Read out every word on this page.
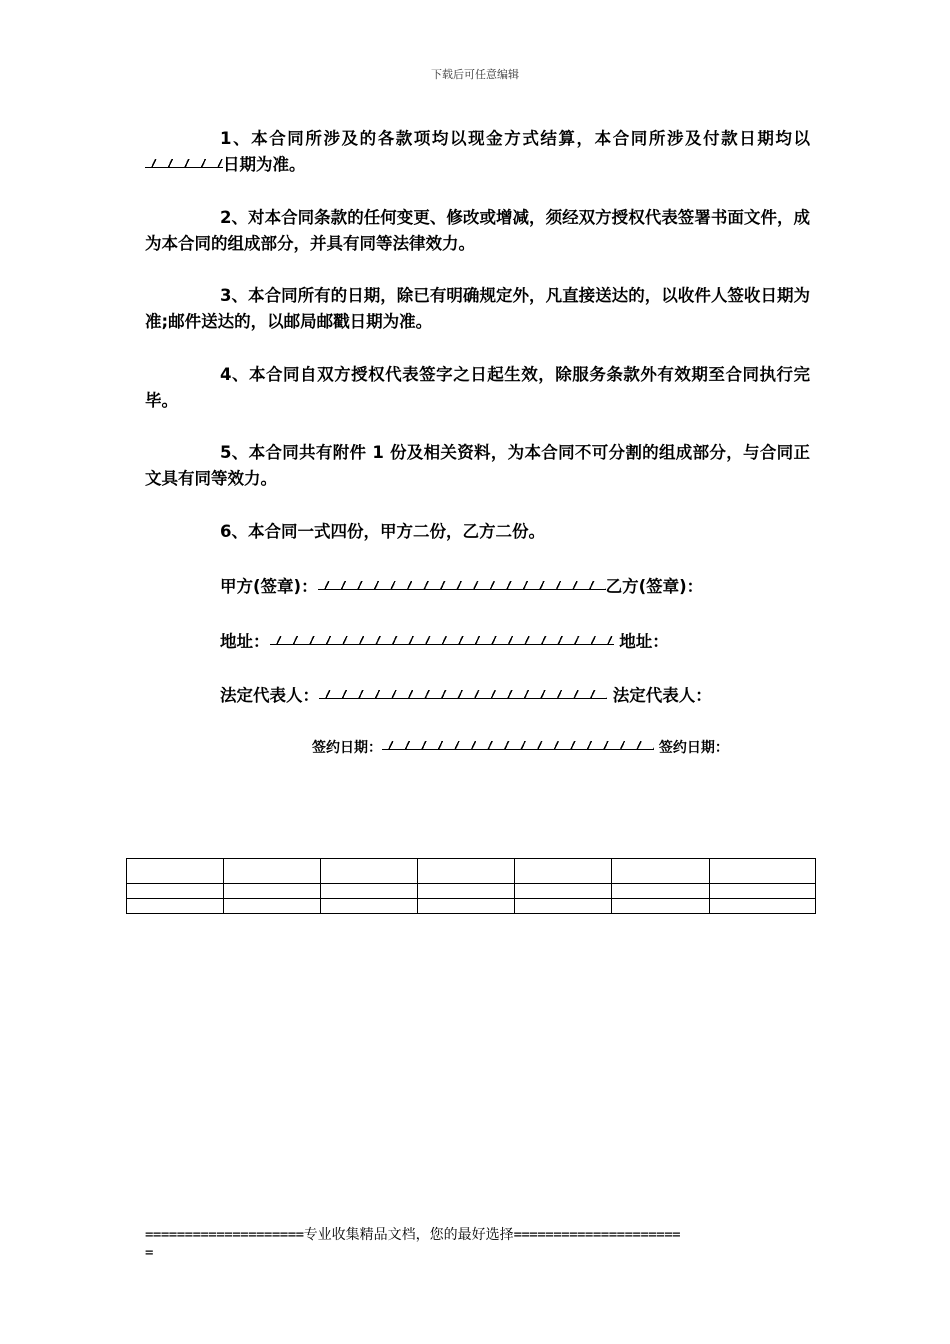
下载后可任意编辑
1、本合同所涉及的各款项均以现金方式结算，本合同所涉及付款日期均以日期为准。
2、对本合同条款的任何变更、修改或增减，须经双方授权代表签署书面文件，成为本合同的组成部分，并具有同等法律效力。
3、本合同所有的日期，除已有明确规定外，凡直接送达的，以收件人签收日期为准;邮件送达的，以邮局邮戳日期为准。
4、本合同自双方授权代表签字之日起生效，除服务条款外有效期至合同执行完毕。
5、本合同共有附件 1 份及相关资料，为本合同不可分割的组成部分，与合同正文具有同等效力。
6、本合同一式四份，甲方二份，乙方二份。
甲方(签章)：	乙方(签章)：
地址：	地址：
法定代表人：	法定代表人：
签约日期：	签约日期：

====================专业收集精品文档，您的最好选择=====================
=
